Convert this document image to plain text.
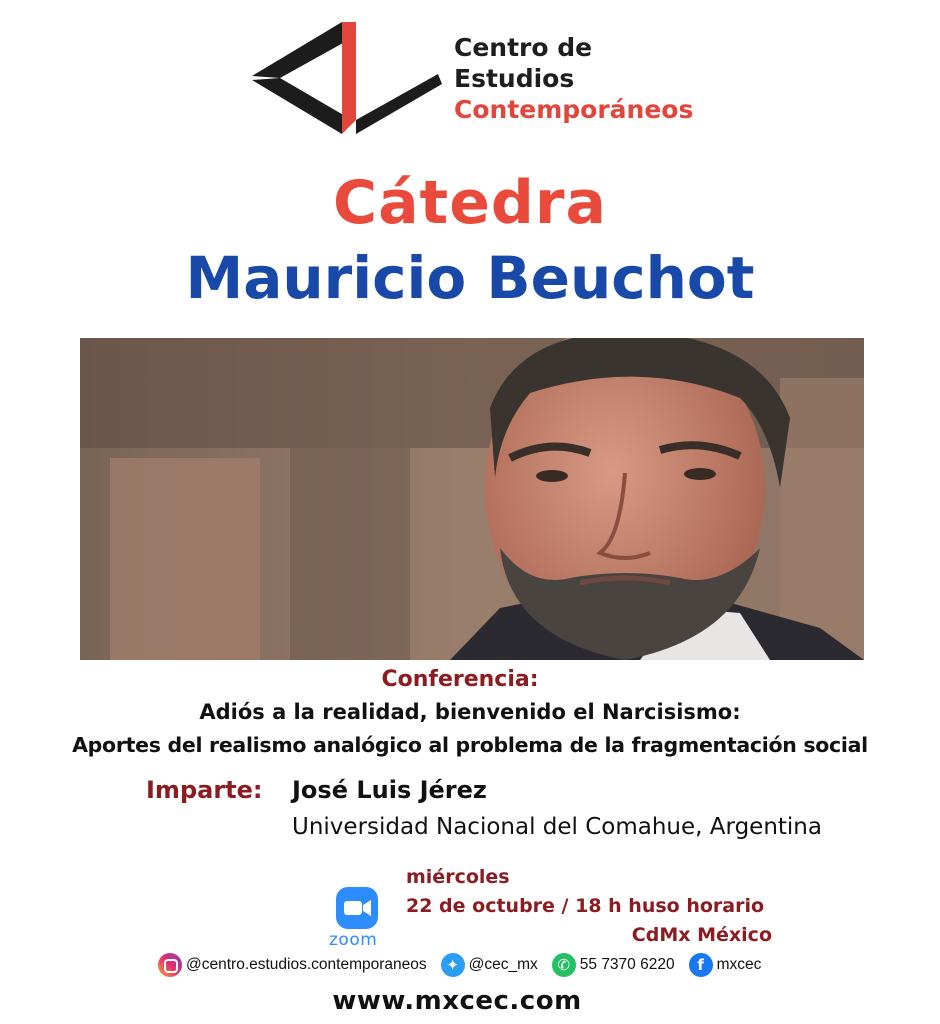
Centro de
Estudios
Contemporáneos
Cátedra
Mauricio Beuchot
Conferencia:
Adiós a la realidad, bienvenido el Narcisismo:
Aportes del realismo analógico al problema de la fragmentación social
Imparte: José Luis Jérez
Universidad Nacional del Comahue, Argentina
zoom
miércoles
22 de octubre / 18 h huso horario
CdMx México
@centro.estudios.contemporaneos	✦ @cec_mx	✆ 55 7370 6220	f mxcec
www.mxcec.com
